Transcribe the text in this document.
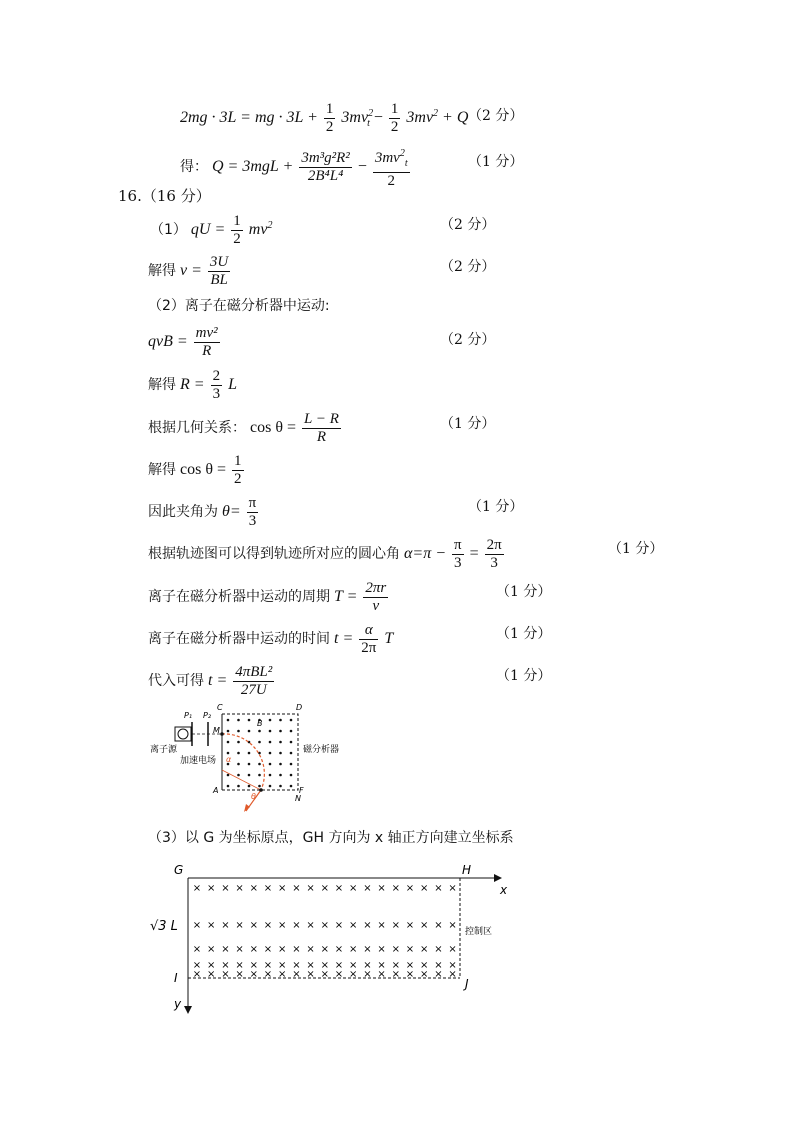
2mg · 3L = mg · $3L + \frac{1}{2} 3mv^2_t - \frac{1}{2} 3mv^2 + Q$ （2 分）
得： $Q = 3mgL + \frac{\text{3m³g²R²}}{\text{2B⁴L⁴}} - \frac{3mv^2_t}{2}$	（1 分）
16.（16 分）
（1） qU = $\frac{1}{2} mv^2$	（2 分）
解得 $v = \frac{3U}{BL}$	（2 分）
（2）离子在磁分析器中运动:
qvB = $\frac{\text{mv²}}{R}$	（2 分）
解得 $R = \frac{2}{3}$ L
根据几何关系： $\cos \theta = \frac{L - R}{R}$	（1 分）
解得 $\cos \theta = \frac{1}{2}$
因此夹角为 $\theta= \frac{\pi}{3}$	（1 分）
根据轨迹图可以得到轨迹所对应的圆心角 $\alpha=\pi - \frac{\pi}{3} = \frac{2\pi}{3}$	（1 分）
离子在磁分析器中运动的周期 $T = \frac{2\pi r}{v}$	（1 分）
离子在磁分析器中运动的时间 $t = \frac{\alpha}{2\pi}$ T	（1 分）
代入可得 $t = \frac{\text{4πBL²}}{27U}$	（1 分）
P₁ P₂
C	D
M
B
A	F
N
θ
α
离子源
加速电场
磁分析器
（3）以 G 为坐标原点，GH 方向为 x 轴正方向建立坐标系
× × × × × × × × × × × × × × × × × × ×
× × × × × × × × × × × × × × × × × × ×
× × × × × × × × × × × × × × × × × × ×
× × × × × × × × × × × × × × × × × × ×
× × × × × × × × × × × × × × × × × × ×
G	H
x
y
I	J
√3 L	控制区
